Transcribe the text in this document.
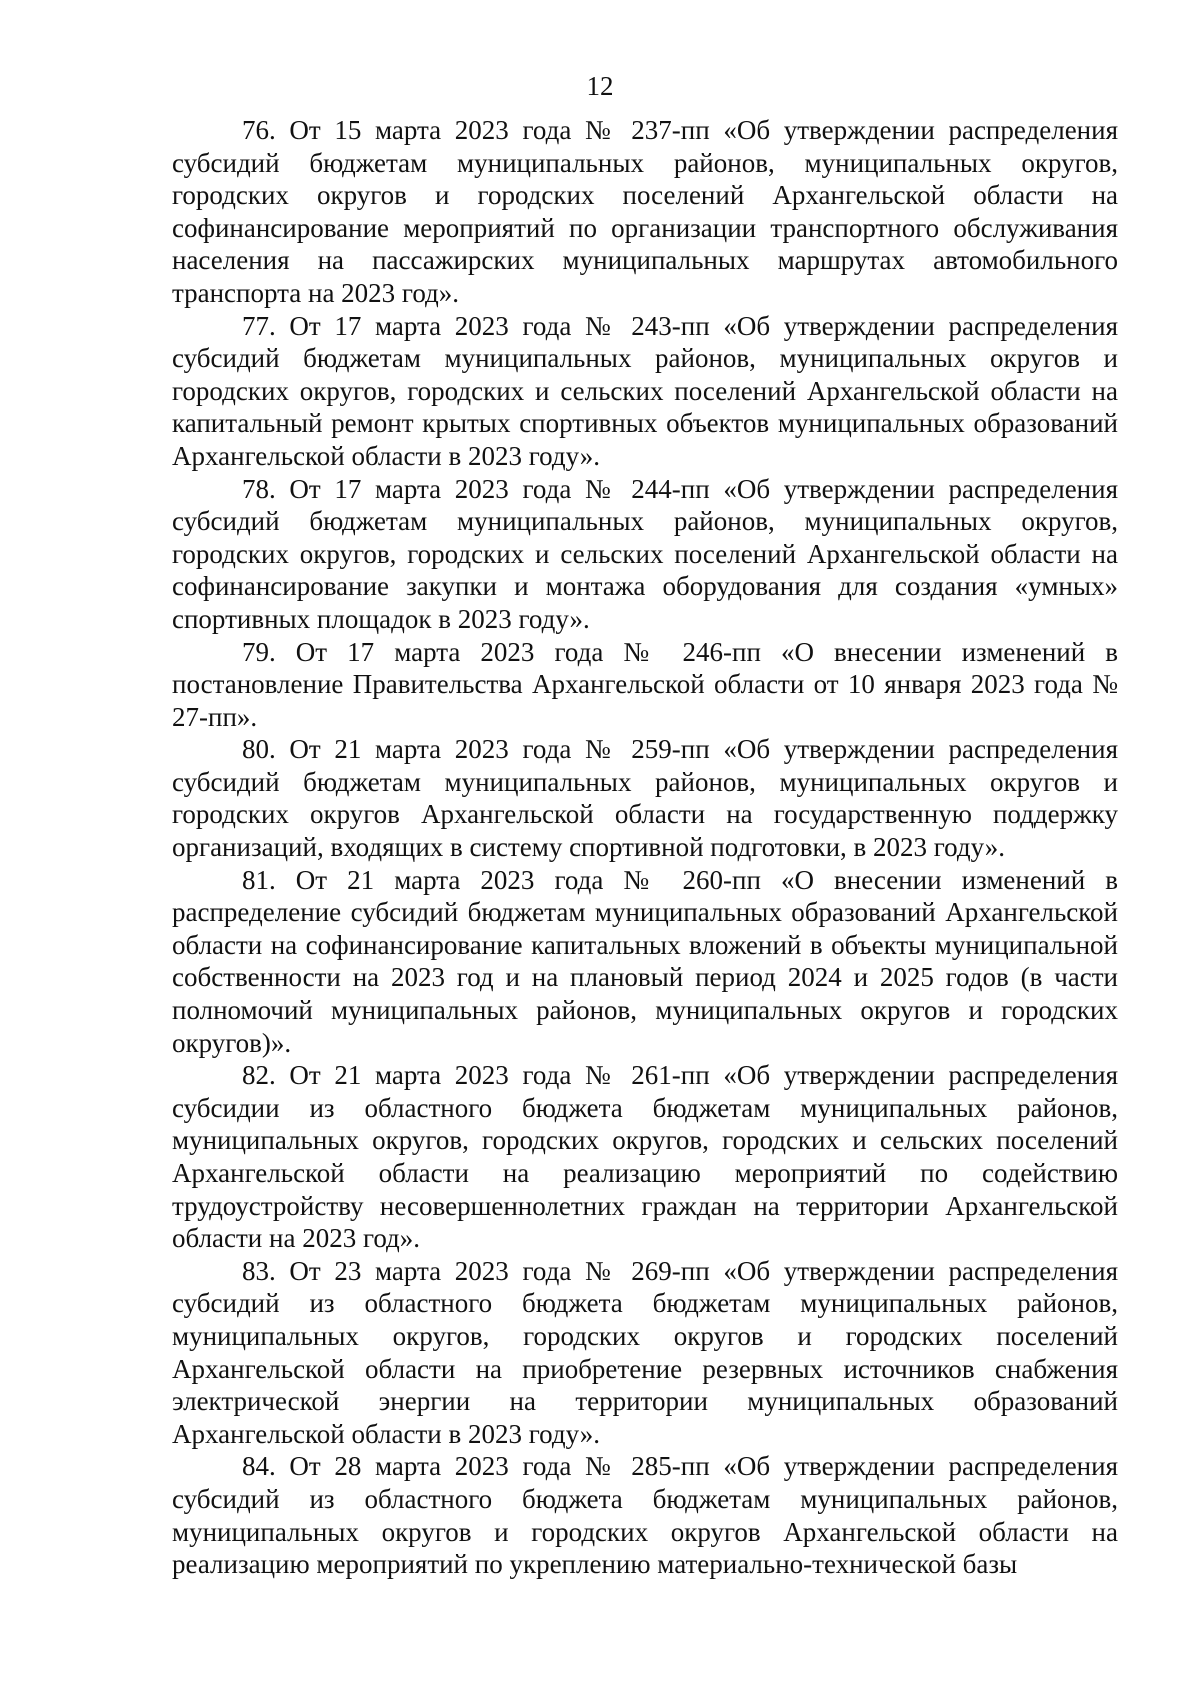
12

76. От 15 марта 2023 года № 237-пп «Об утверждении распределения субсидий бюджетам муниципальных районов, муниципальных округов, городских округов и городских поселений Архангельской области на софинансирование мероприятий по организации транспортного обслуживания населения на пассажирских муниципальных маршрутах автомобильного транспорта на 2023 год».

77. От 17 марта 2023 года № 243-пп «Об утверждении распределения субсидий бюджетам муниципальных районов, муниципальных округов и городских округов, городских и сельских поселений Архангельской области на капитальный ремонт крытых спортивных объектов муниципальных образований Архангельской области в 2023 году».

78. От 17 марта 2023 года № 244-пп «Об утверждении распределения субсидий бюджетам муниципальных районов, муниципальных округов, городских округов, городских и сельских поселений Архангельской области на софинансирование закупки и монтажа оборудования для создания «умных» спортивных площадок в 2023 году».

79. От 17 марта 2023 года № 246-пп «О внесении изменений в постановление Правительства Архангельской области от 10 января 2023 года № 27-пп».

80. От 21 марта 2023 года № 259-пп «Об утверждении распределения субсидий бюджетам муниципальных районов, муниципальных округов и городских округов Архангельской области на государственную поддержку организаций, входящих в систему спортивной подготовки, в 2023 году».

81. От 21 марта 2023 года № 260-пп «О внесении изменений в распределение субсидий бюджетам муниципальных образований Архангельской области на софинансирование капитальных вложений в объекты муниципальной собственности на 2023 год и на плановый период 2024 и 2025 годов (в части полномочий муниципальных районов, муниципальных округов и городских округов)».

82. От 21 марта 2023 года № 261-пп «Об утверждении распределения субсидии из областного бюджета бюджетам муниципальных районов, муниципальных округов, городских округов, городских и сельских поселений Архангельской области на реализацию мероприятий по содействию трудоустройству несовершеннолетних граждан на территории Архангельской области на 2023 год».

83. От 23 марта 2023 года № 269-пп «Об утверждении распределения субсидий из областного бюджета бюджетам муниципальных районов, муниципальных округов, городских округов и городских поселений Архангельской области на приобретение резервных источников снабжения электрической энергии на территории муниципальных образований Архангельской области в 2023 году».

84. От 28 марта 2023 года № 285-пп «Об утверждении распределения субсидий из областного бюджета бюджетам муниципальных районов, муниципальных округов и городских округов Архангельской области на реализацию мероприятий по укреплению материально-технической базы
